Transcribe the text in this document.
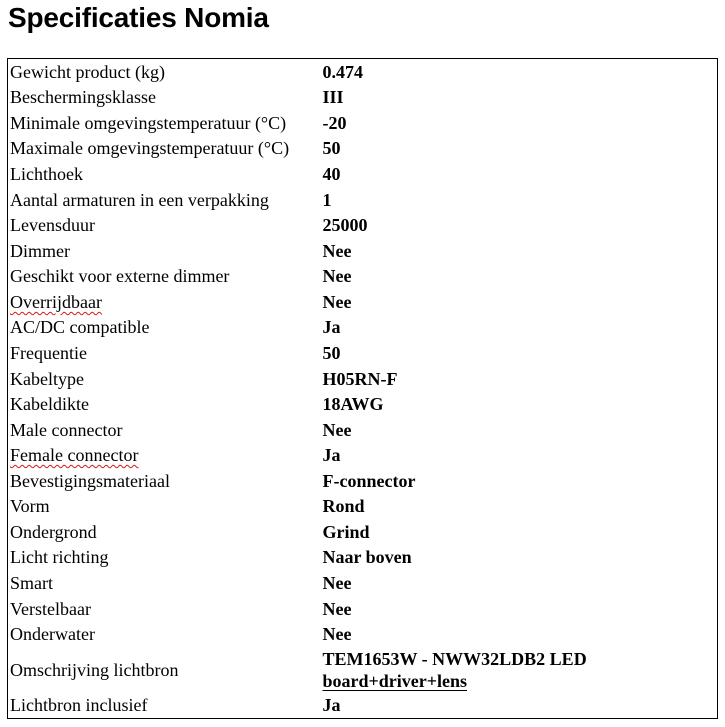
Specificaties Nomia
Gewicht product (kg)	0.474
Beschermingsklasse	III
Minimale omgevingstemperatuur (°C)	-20
Maximale omgevingstemperatuur (°C)	50
Lichthoek	40
Aantal armaturen in een verpakking	1
Levensduur	25000
Dimmer	Nee
Geschikt voor externe dimmer	Nee
Overrijdbaar	Nee
AC/DC compatible	Ja
Frequentie	50
Kabeltype	H05RN-F
Kabeldikte	18AWG
Male connector	Nee
Female connector	Ja
Bevestigingsmateriaal	F-connector
Vorm	Rond
Ondergrond	Grind
Licht richting	Naar boven
Smart	Nee
Verstelbaar	Nee
Onderwater	Nee
Omschrijving lichtbron	TEM1653W - NWW32LDB2 LED
board+driver+lens
Lichtbron inclusief	Ja
